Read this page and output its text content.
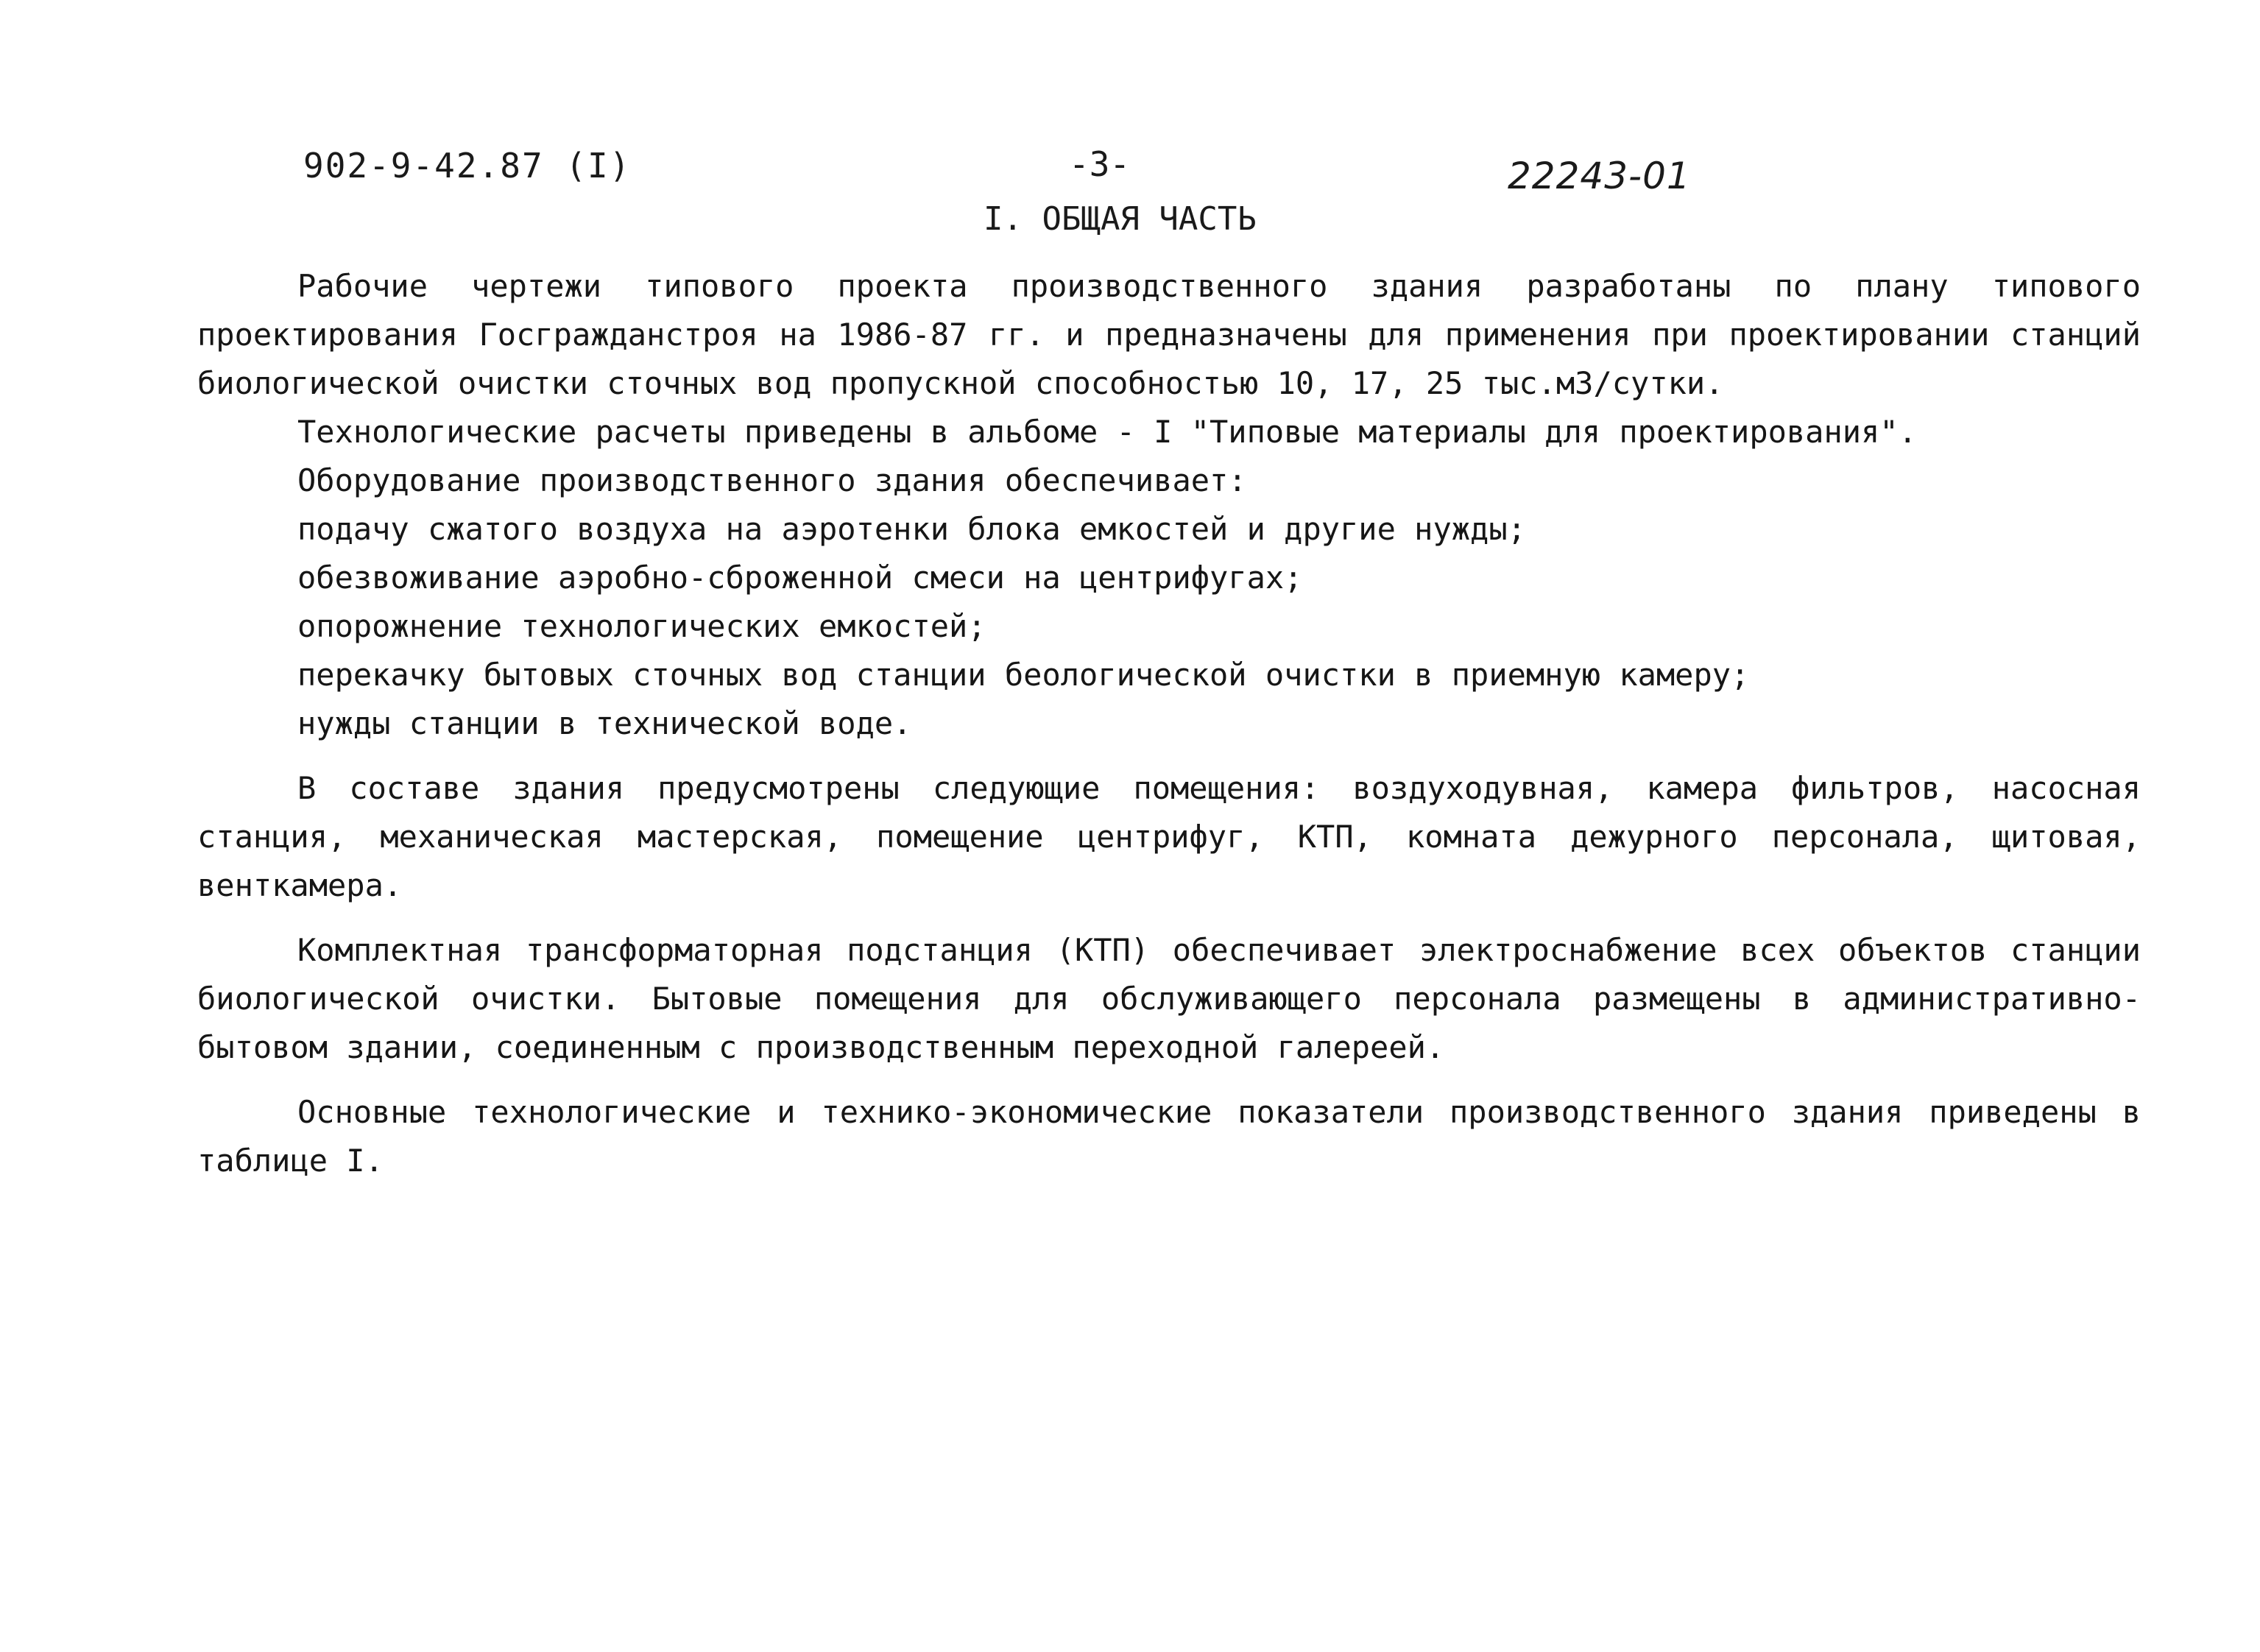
902-9-42.87 (I)	-3-	22243-01
I. ОБЩАЯ ЧАСТЬ

Рабочие чертежи типового проекта производственного здания разработаны по плану типового проектирования Госгражданстроя на 1986-87 гг. и предназначены для применения при проектировании станций биологической очистки сточных вод пропускной способностью 10, 17, 25 тыс.м3/сутки.

Технологические расчеты приведены в альбоме - I "Типовые материалы для проектирования".

Оборудование производственного здания обеспечивает:

подачу сжатого воздуха на аэротенки блока емкостей и другие нужды;

обезвоживание аэробно-сброженной смеси на центрифугах;

опорожнение технологических емкостей;

перекачку бытовых сточных вод станции беологической очистки в приемную камеру;

нужды станции в технической воде.

В составе здания предусмотрены следующие помещения: воздуходувная, камера фильтров, насосная станция, механическая мастерская, помещение центрифуг, КТП, комната дежурного персонала, щитовая, венткамера.

Комплектная трансформаторная подстанция (КТП) обеспечивает электроснабжение всех объектов станции биологической очистки. Бытовые помещения для обслуживающего персонала размещены в административно-бытовом здании, соединенным с производственным переходной галереей.

Основные технологические и технико-экономические показатели производственного здания приведены в таблице I.
